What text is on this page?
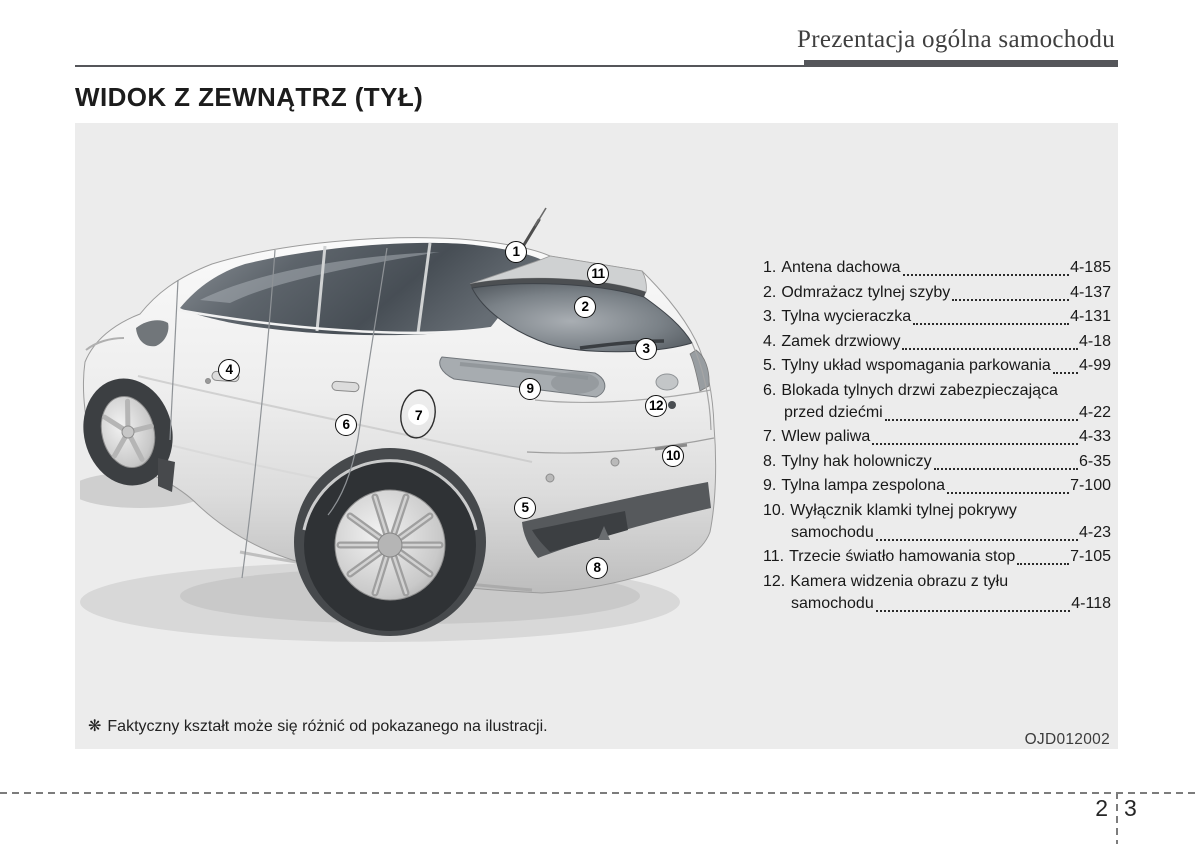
Prezentacja ogólna samochodu
WIDOK Z ZEWNĄTRZ (TYŁ)
1
2
3
4
5
6
7
8
9
10
11
12
1. Antena dachowa	4-185
2. Odmrażacz tylnej szyby	4-137
3. Tylna wycieraczka	4-131
4. Zamek drzwiowy	4-18
5. Tylny układ wspomagania parkowania 4-99
6. Blokada tylnych drzwi zabezpieczająca
przed dziećmi	4-22
7. Wlew paliwa	4-33
8. Tylny hak holowniczy	6-35
9. Tylna lampa zespolona	7-100
10. Wyłącznik klamki tylnej pokrywy
samochodu	4-23
11. Trzecie światło hamowania stop	7-105
12. Kamera widzenia obrazu z tyłu
samochodu	4-118
❋ Faktyczny kształt może się różnić od pokazanego na ilustracji.
OJD012002
2 3
